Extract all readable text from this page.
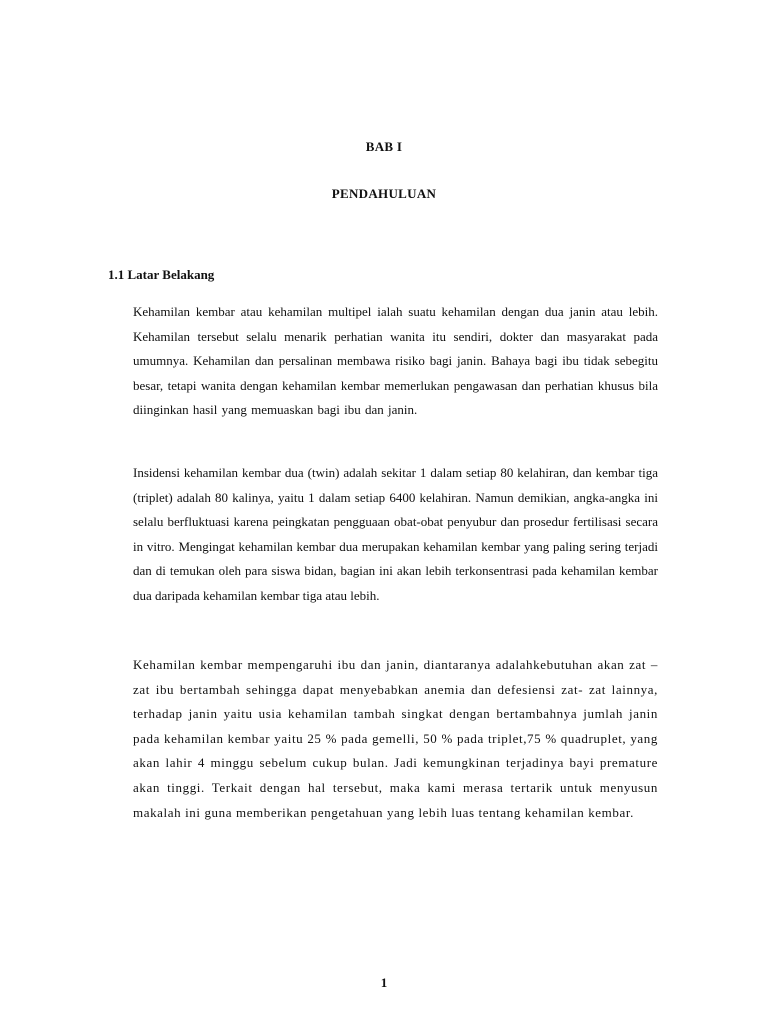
BAB I
PENDAHULUAN
1.1 Latar Belakang

Kehamilan kembar atau kehamilan multipel ialah suatu kehamilan dengan dua janin atau lebih. Kehamilan tersebut selalu menarik perhatian wanita itu sendiri, dokter dan masyarakat pada umumnya. Kehamilan dan persalinan membawa risiko bagi janin. Bahaya bagi ibu tidak sebegitu besar, tetapi wanita dengan kehamilan kembar memerlukan pengawasan dan perhatian khusus bila diinginkan hasil yang memuaskan bagi ibu dan janin.

Insidensi kehamilan kembar dua (twin) adalah sekitar 1 dalam setiap 80 kelahiran, dan kembar tiga (triplet) adalah 80 kalinya, yaitu 1 dalam setiap 6400 kelahiran. Namun demikian, angka-angka ini selalu berfluktuasi karena peingkatan pengguaan obat-obat penyubur dan prosedur fertilisasi secara in vitro. Mengingat kehamilan kembar dua merupakan kehamilan kembar yang paling sering terjadi dan di temukan oleh para siswa bidan, bagian ini akan lebih terkonsentrasi pada kehamilan kembar dua daripada kehamilan kembar tiga atau lebih.

Kehamilan kembar mempengaruhi ibu dan janin, diantaranya adalahkebutuhan akan zat – zat ibu bertambah sehingga dapat menyebabkan anemia dan defesiensi zat- zat lainnya, terhadap janin yaitu usia kehamilan tambah singkat dengan bertambahnya jumlah janin pada kehamilan kembar yaitu 25 % pada gemelli, 50 % pada triplet,75 % quadruplet, yang akan lahir 4 minggu sebelum cukup bulan. Jadi kemungkinan terjadinya bayi premature akan tinggi. Terkait dengan hal tersebut, maka kami merasa tertarik untuk menyusun makalah ini guna memberikan pengetahuan yang lebih luas tentang kehamilan kembar.

1
